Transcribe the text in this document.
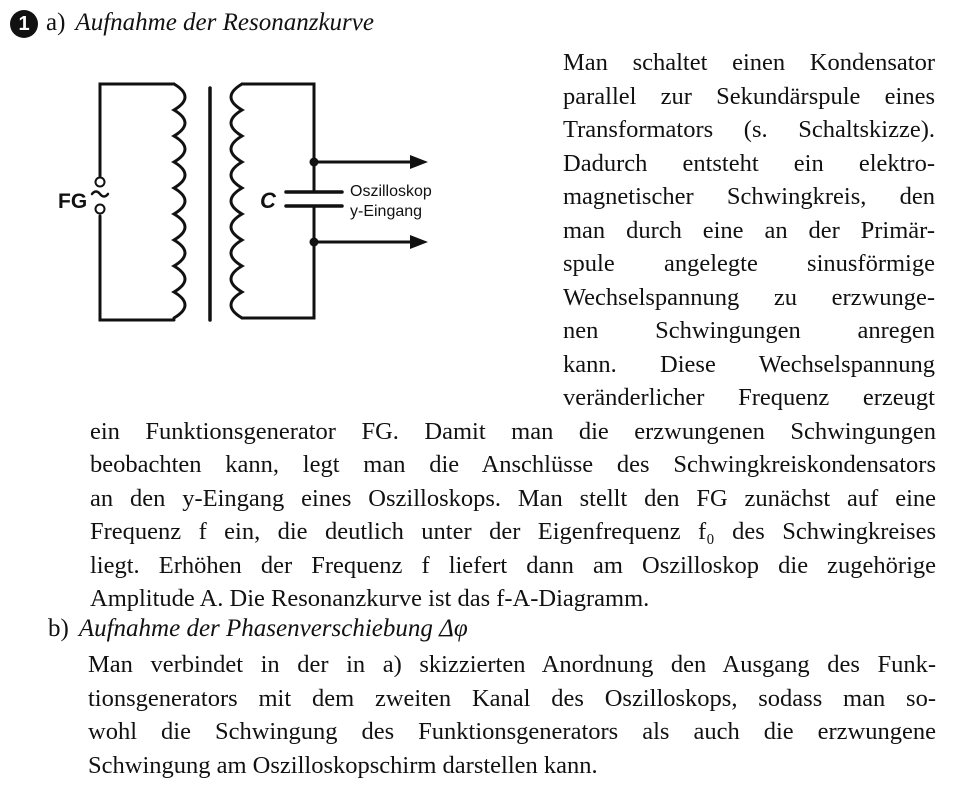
1 a) Aufnahme der Resonanzkurve
FG	C	Oszilloskop
y-Eingang
Man schaltet einen Kondensator
parallel zur Sekundärspule eines
Transformators (s. Schaltskizze).
Dadurch entsteht ein elektro-
magnetischer Schwingkreis, den
man durch eine an der Primär-
spule angelegte sinusförmige
Wechselspannung zu erzwunge-
nen Schwingungen anregen
kann. Diese Wechselspannung
veränderlicher Frequenz erzeugt
ein Funktionsgenerator FG. Damit man die erzwungenen Schwingungen
beobachten kann, legt man die Anschlüsse des Schwingkreiskondensators
an den y-Eingang eines Oszilloskops. Man stellt den FG zunächst auf eine
Frequenz f ein, die deutlich unter der Eigenfrequenz f₀ des Schwingkreises
liegt. Erhöhen der Frequenz f liefert dann am Oszilloskop die zugehörige
Amplitude A. Die Resonanzkurve ist das f-A-Diagramm.
b) Aufnahme der Phasenverschiebung Δφ
Man verbindet in der in a) skizzierten Anordnung den Ausgang des Funk-
tionsgenerators mit dem zweiten Kanal des Oszilloskops, sodass man so-
wohl die Schwingung des Funktionsgenerators als auch die erzwungene
Schwingung am Oszilloskopschirm darstellen kann.
